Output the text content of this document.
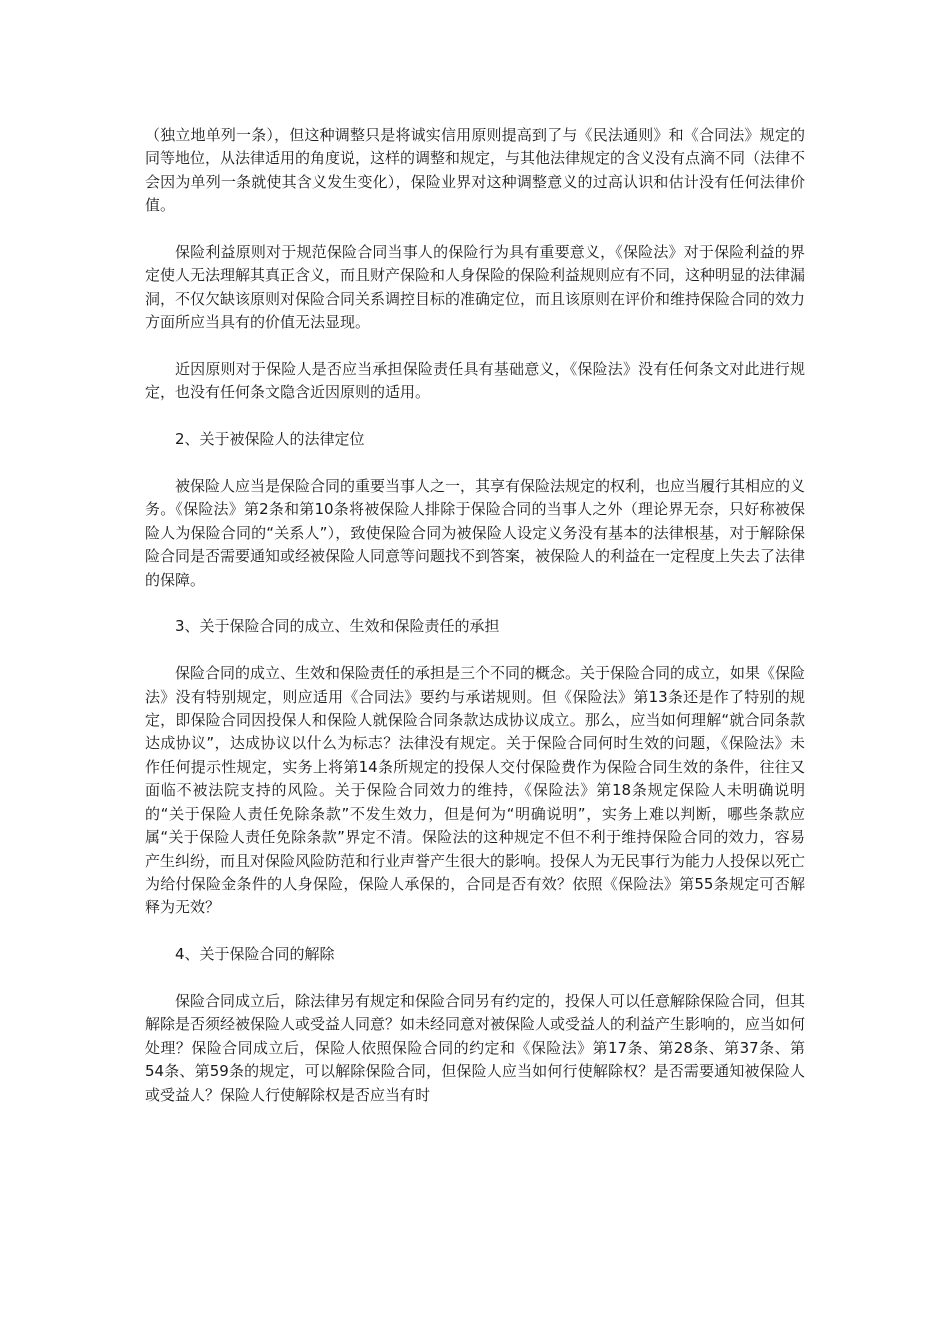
（独立地单列一条），但这种调整只是将诚实信用原则提高到了与《民法通则》和《合同法》规定的同等地位，从法律适用的角度说，这样的调整和规定，与其他法律规定的含义没有点滴不同（法律不会因为单列一条就使其含义发生变化），保险业界对这种调整意义的过高认识和估计没有任何法律价值。

保险利益原则对于规范保险合同当事人的保险行为具有重要意义，《保险法》对于保险利益的界定使人无法理解其真正含义，而且财产保险和人身保险的保险利益规则应有不同，这种明显的法律漏洞，不仅欠缺该原则对保险合同关系调控目标的准确定位，而且该原则在评价和维持保险合同的效力方面所应当具有的价值无法显现。

近因原则对于保险人是否应当承担保险责任具有基础意义，《保险法》没有任何条文对此进行规定，也没有任何条文隐含近因原则的适用。

2、关于被保险人的法律定位

被保险人应当是保险合同的重要当事人之一，其享有保险法规定的权利，也应当履行其相应的义务。《保险法》第2条和第10条将被保险人排除于保险合同的当事人之外（理论界无奈，只好称被保险人为保险合同的“关系人”），致使保险合同为被保险人设定义务没有基本的法律根基，对于解除保险合同是否需要通知或经被保险人同意等问题找不到答案，被保险人的利益在一定程度上失去了法律的保障。

3、关于保险合同的成立、生效和保险责任的承担

保险合同的成立、生效和保险责任的承担是三个不同的概念。关于保险合同的成立，如果《保险法》没有特别规定，则应适用《合同法》要约与承诺规则。但《保险法》第13条还是作了特别的规定，即保险合同因投保人和保险人就保险合同条款达成协议成立。那么，应当如何理解“就合同条款达成协议”，达成协议以什么为标志？法律没有规定。关于保险合同何时生效的问题，《保险法》未作任何提示性规定，实务上将第14条所规定的投保人交付保险费作为保险合同生效的条件，往往又面临不被法院支持的风险。关于保险合同效力的维持，《保险法》第18条规定保险人未明确说明的“关于保险人责任免除条款”不发生效力，但是何为“明确说明”，实务上难以判断，哪些条款应属“关于保险人责任免除条款”界定不清。保险法的这种规定不但不利于维持保险合同的效力，容易产生纠纷，而且对保险风险防范和行业声誉产生很大的影响。投保人为无民事行为能力人投保以死亡为给付保险金条件的人身保险，保险人承保的，合同是否有效？依照《保险法》第55条规定可否解释为无效？

4、关于保险合同的解除

保险合同成立后，除法律另有规定和保险合同另有约定的，投保人可以任意解除保险合同，但其解除是否须经被保险人或受益人同意？如未经同意对被保险人或受益人的利益产生影响的，应当如何处理？保险合同成立后，保险人依照保险合同的约定和《保险法》第17条、第28条、第37条、第54条、第59条的规定，可以解除保险合同，但保险人应当如何行使解除权？是否需要通知被保险人或受益人？保险人行使解除权是否应当有时
